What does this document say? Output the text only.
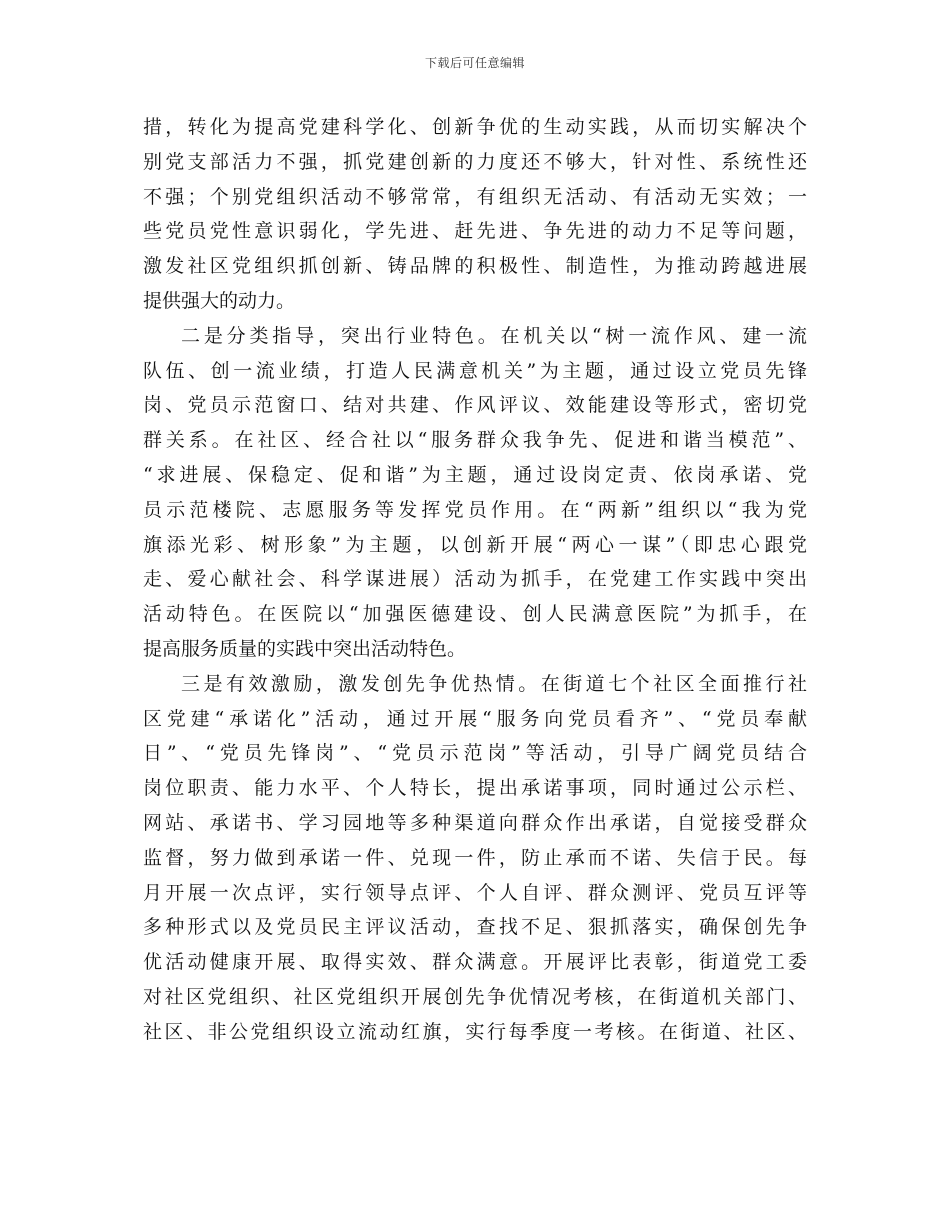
下载后可任意编辑
措，转化为提高党建科学化、创新争优的生动实践，从而切实解决个
别党支部活力不强，抓党建创新的力度还不够大，针对性、系统性还
不强；个别党组织活动不够常常，有组织无活动、有活动无实效；一
些党员党性意识弱化，学先进、赶先进、争先进的动力不足等问题，
激发社区党组织抓创新、铸品牌的积极性、制造性，为推动跨越进展
提供强大的动力。
二是分类指导，突出行业特色。在机关以“树一流作风、建一流
队伍、创一流业绩，打造人民满意机关”为主题，通过设立党员先锋
岗、党员示范窗口、结对共建、作风评议、效能建设等形式，密切党
群关系。在社区、经合社以“服务群众我争先、促进和谐当模范”、
“求进展、保稳定、促和谐”为主题，通过设岗定责、依岗承诺、党
员示范楼院、志愿服务等发挥党员作用。在“两新”组织以“我为党
旗添光彩、树形象”为主题，以创新开展“两心一谋”（即忠心跟党
走、爱心献社会、科学谋进展）活动为抓手，在党建工作实践中突出
活动特色。在医院以“加强医德建设、创人民满意医院”为抓手，在
提高服务质量的实践中突出活动特色。
三是有效激励，激发创先争优热情。在街道七个社区全面推行社
区党建“承诺化”活动，通过开展“服务向党员看齐”、“党员奉献
日”、“党员先锋岗”、“党员示范岗”等活动，引导广阔党员结合
岗位职责、能力水平、个人特长，提出承诺事项，同时通过公示栏、
网站、承诺书、学习园地等多种渠道向群众作出承诺，自觉接受群众
监督，努力做到承诺一件、兑现一件，防止承而不诺、失信于民。每
月开展一次点评，实行领导点评、个人自评、群众测评、党员互评等
多种形式以及党员民主评议活动，查找不足、狠抓落实，确保创先争
优活动健康开展、取得实效、群众满意。开展评比表彰，街道党工委
对社区党组织、社区党组织开展创先争优情况考核，在街道机关部门、
社区、非公党组织设立流动红旗，实行每季度一考核。在街道、社区、
